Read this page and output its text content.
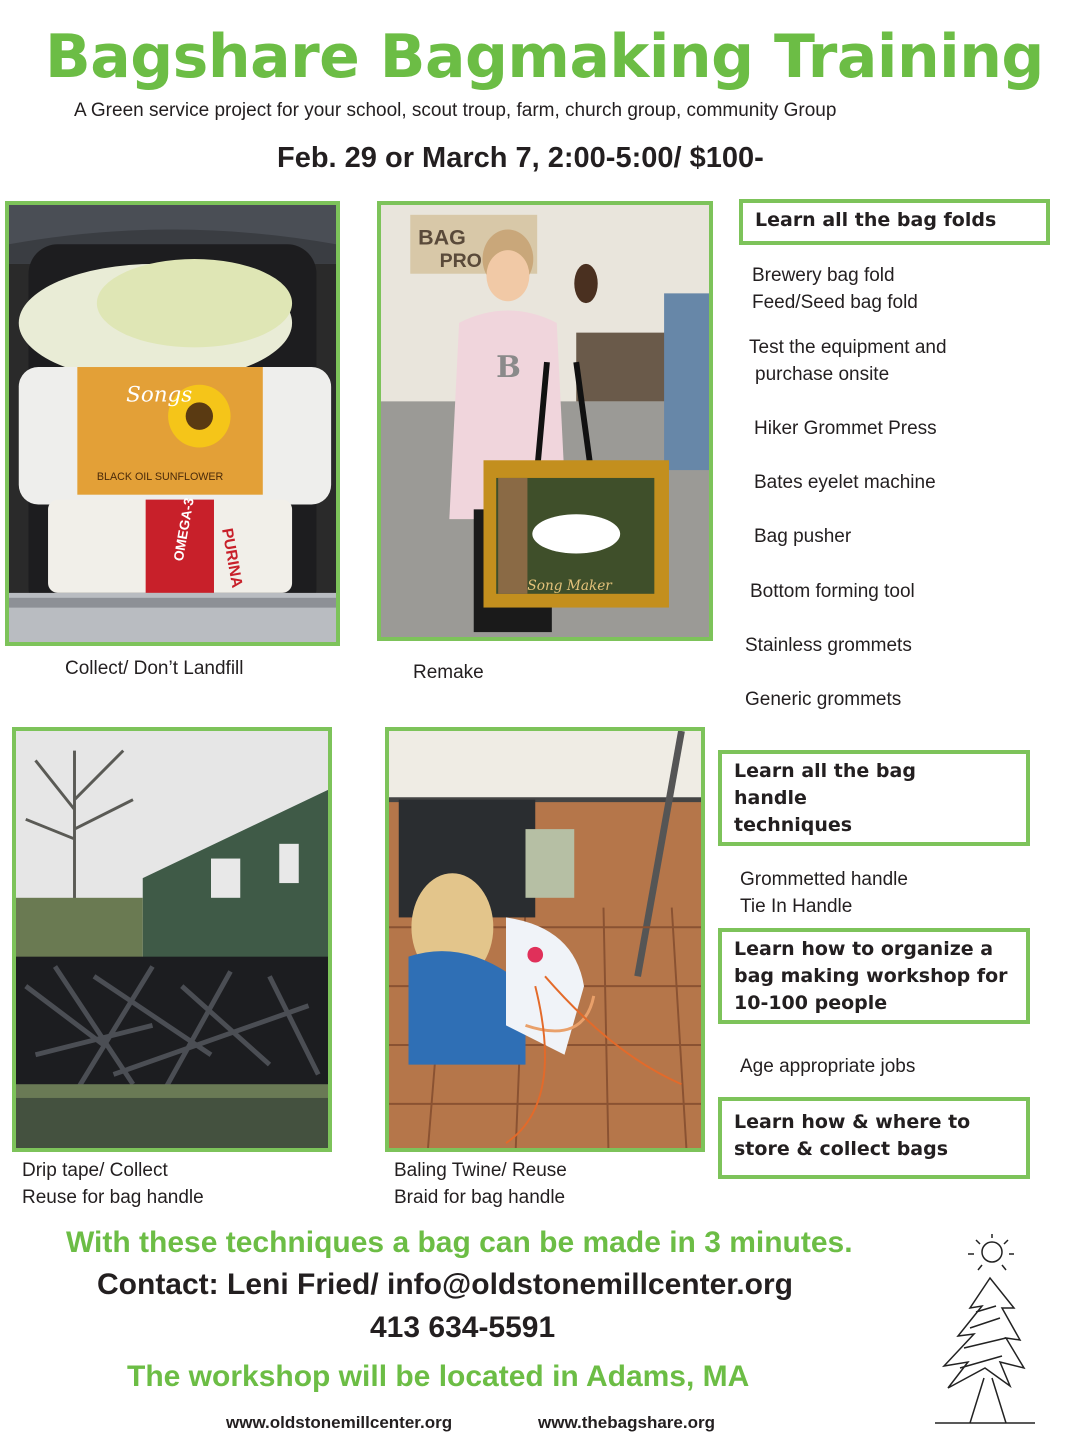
Bagshare Bagmaking Training
A Green service project for your school, scout troup, farm, church group, community Group
Feb. 29 or March 7, 2:00-5:00/ $100-
Songs
BLACK OIL SUNFLOWER
OMEGA-3 PURINA
Collect/ Don’t Landfill
BAG
PRO
B
Song Maker
Remake
Drip tape/ Collect
Reuse for bag handle
Baling Twine/ Reuse
Braid for bag handle
Learn all the bag folds
Brewery bag fold
Feed/Seed bag fold
Test the equipment and
purchase onsite
Hiker Grommet Press
Bates eyelet machine
Bag pusher
Bottom forming tool
Stainless grommets
Generic grommets
Learn all the bag
handle
techniques
Grommetted handle
Tie In Handle
Learn how to organize a
bag making workshop for
10-100 people
Age appropriate jobs
Learn how & where to
store & collect bags
With these techniques a bag can be made in 3 minutes.
Contact: Leni Fried/ info@oldstonemillcenter.org
413 634-5591
The workshop will be located in Adams, MA
www.oldstonemillcenter.org	www.thebagshare.org
